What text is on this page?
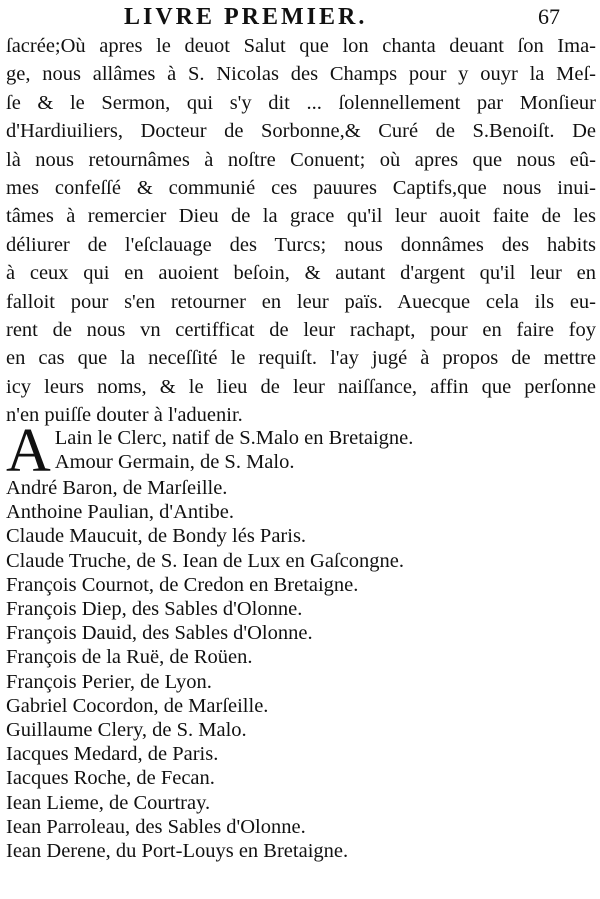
LIVRE PREMIER.	67
ſacrée;Où apres le deuot Salut que lon chanta deuant ſon Ima-
ge, nous allâmes à S. Nicolas des Champs pour y ouyr la Meſ-
ſe & le Sermon, qui s'y dit ... ſolennellement par Monſieur
d'Hardiuiliers, Docteur de Sorbonne,& Curé de S.Benoiſt. De
là nous retournâmes à noſtre Conuent; où apres que nous eû-
mes confeſſé & communié ces pauures Captifs,que nous inui-
tâmes à remercier Dieu de la grace qu'il leur auoit faite de les
déliurer de l'eſclauage des Turcs; nous donnâmes des habits
à ceux qui en auoient beſoin, & autant d'argent qu'il leur en
falloit pour s'en retourner en leur païs. Auecque cela ils eu-
rent de nous vn certifficat de leur rachapt, pour en faire foy
en cas que la neceſſité le requiſt. l'ay jugé à propos de mettre
icy leurs noms, & le lieu de leur naiſſance, affin que perſonne
n'en puiſſe douter à l'aduenir.
A Lain le Clerc, natif de S.Malo en Bretaigne.
Amour Germain, de S. Malo.
André Baron, de Marſeille.
Anthoine Paulian, d'Antibe.
Claude Maucuit, de Bondy lés Paris.
Claude Truche, de S. Iean de Lux en Gaſcongne.
François Cournot, de Credon en Bretaigne.
François Diep, des Sables d'Olonne.
François Dauid, des Sables d'Olonne.
François de la Ruë, de Roüen.
François Perier, de Lyon.
Gabriel Cocordon, de Marſeille.
Guillaume Clery, de S. Malo.
Iacques Medard, de Paris.
Iacques Roche, de Fecan.
Iean Lieme, de Courtray.
Iean Parroleau, des Sables d'Olonne.
Iean Derene, du Port-Louys en Bretaigne.
